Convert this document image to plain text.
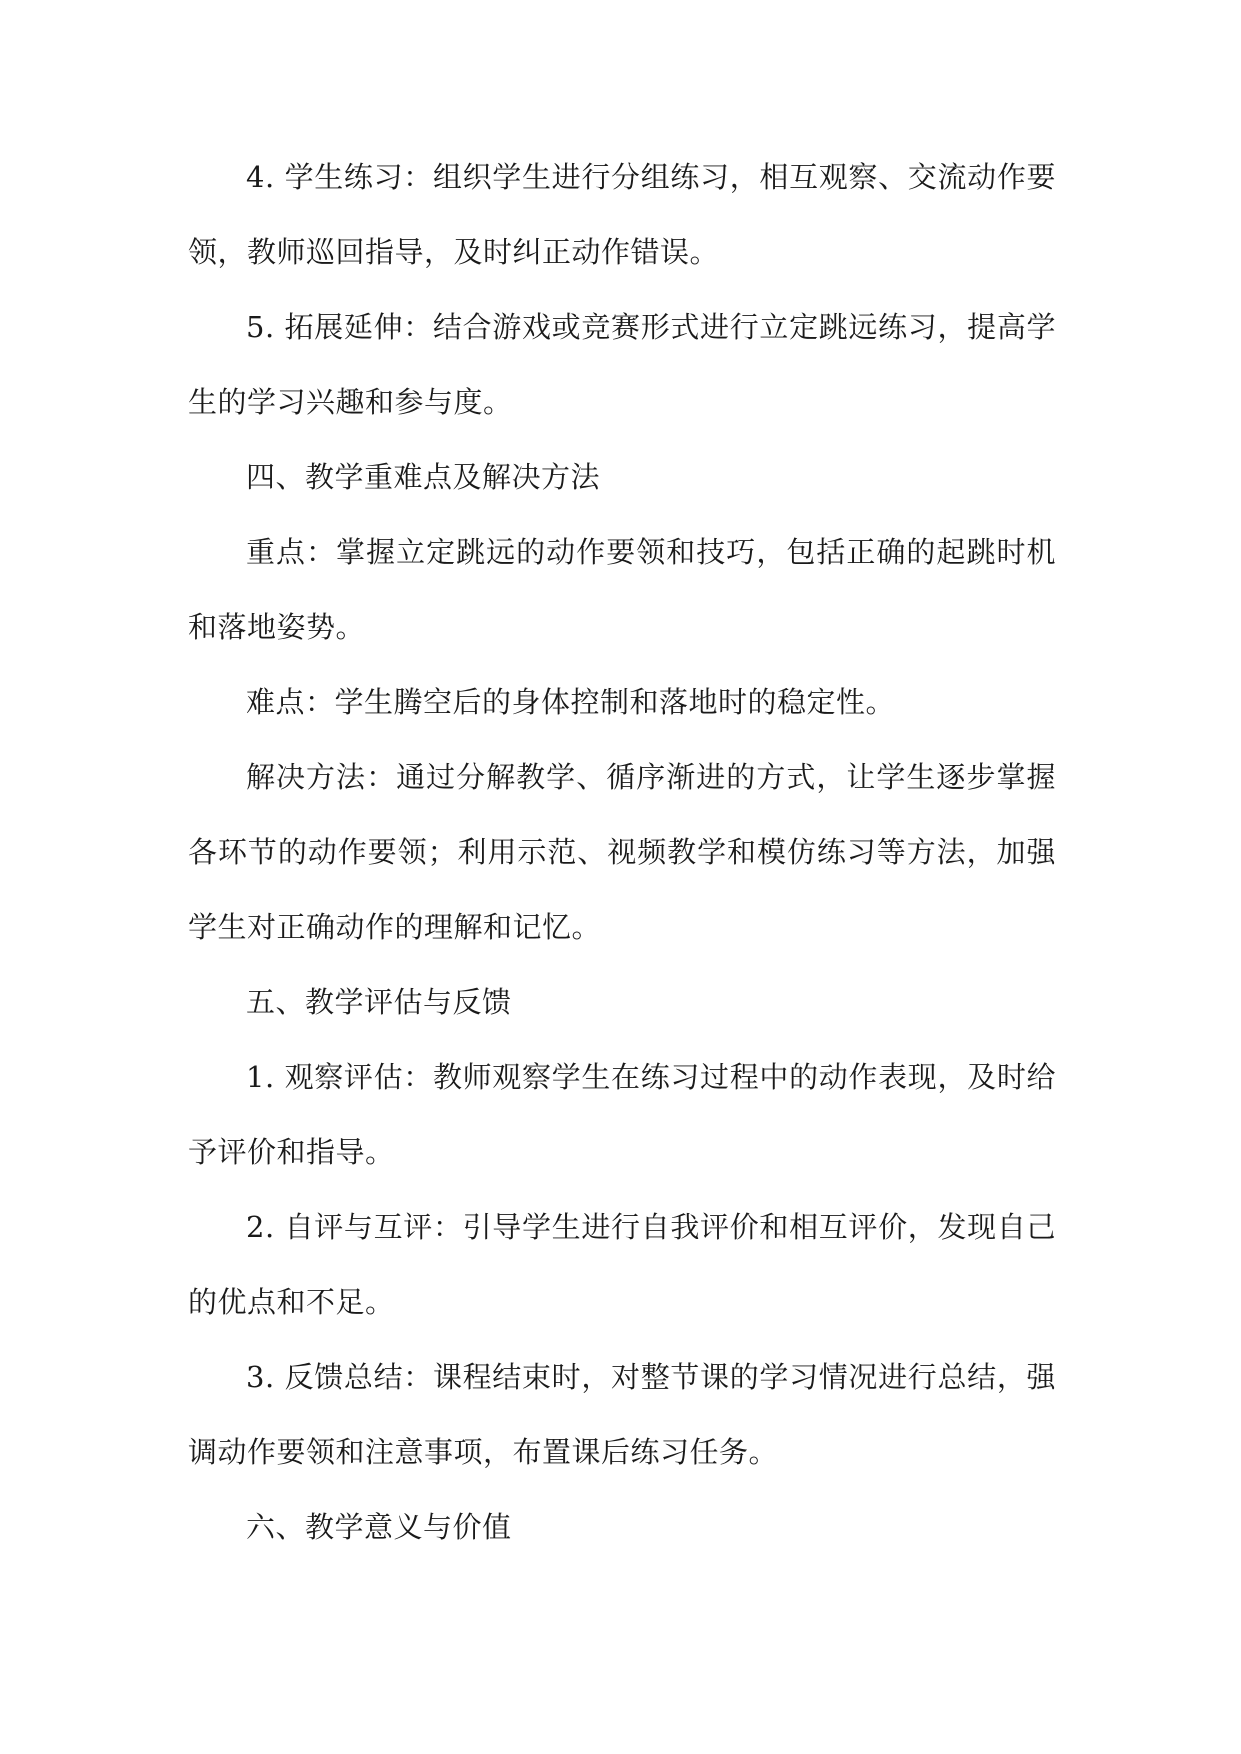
4. 学生练习：组织学生进行分组练习，相互观察、交流动作要领，教师巡回指导，及时纠正动作错误。

5. 拓展延伸：结合游戏或竞赛形式进行立定跳远练习，提高学生的学习兴趣和参与度。

四、教学重难点及解决方法

重点：掌握立定跳远的动作要领和技巧，包括正确的起跳时机和落地姿势。

难点：学生腾空后的身体控制和落地时的稳定性。

解决方法：通过分解教学、循序渐进的方式，让学生逐步掌握各环节的动作要领；利用示范、视频教学和模仿练习等方法，加强学生对正确动作的理解和记忆。

五、教学评估与反馈

1. 观察评估：教师观察学生在练习过程中的动作表现，及时给予评价和指导。

2. 自评与互评：引导学生进行自我评价和相互评价，发现自己的优点和不足。

3. 反馈总结：课程结束时，对整节课的学习情况进行总结，强调动作要领和注意事项，布置课后练习任务。

六、教学意义与价值
